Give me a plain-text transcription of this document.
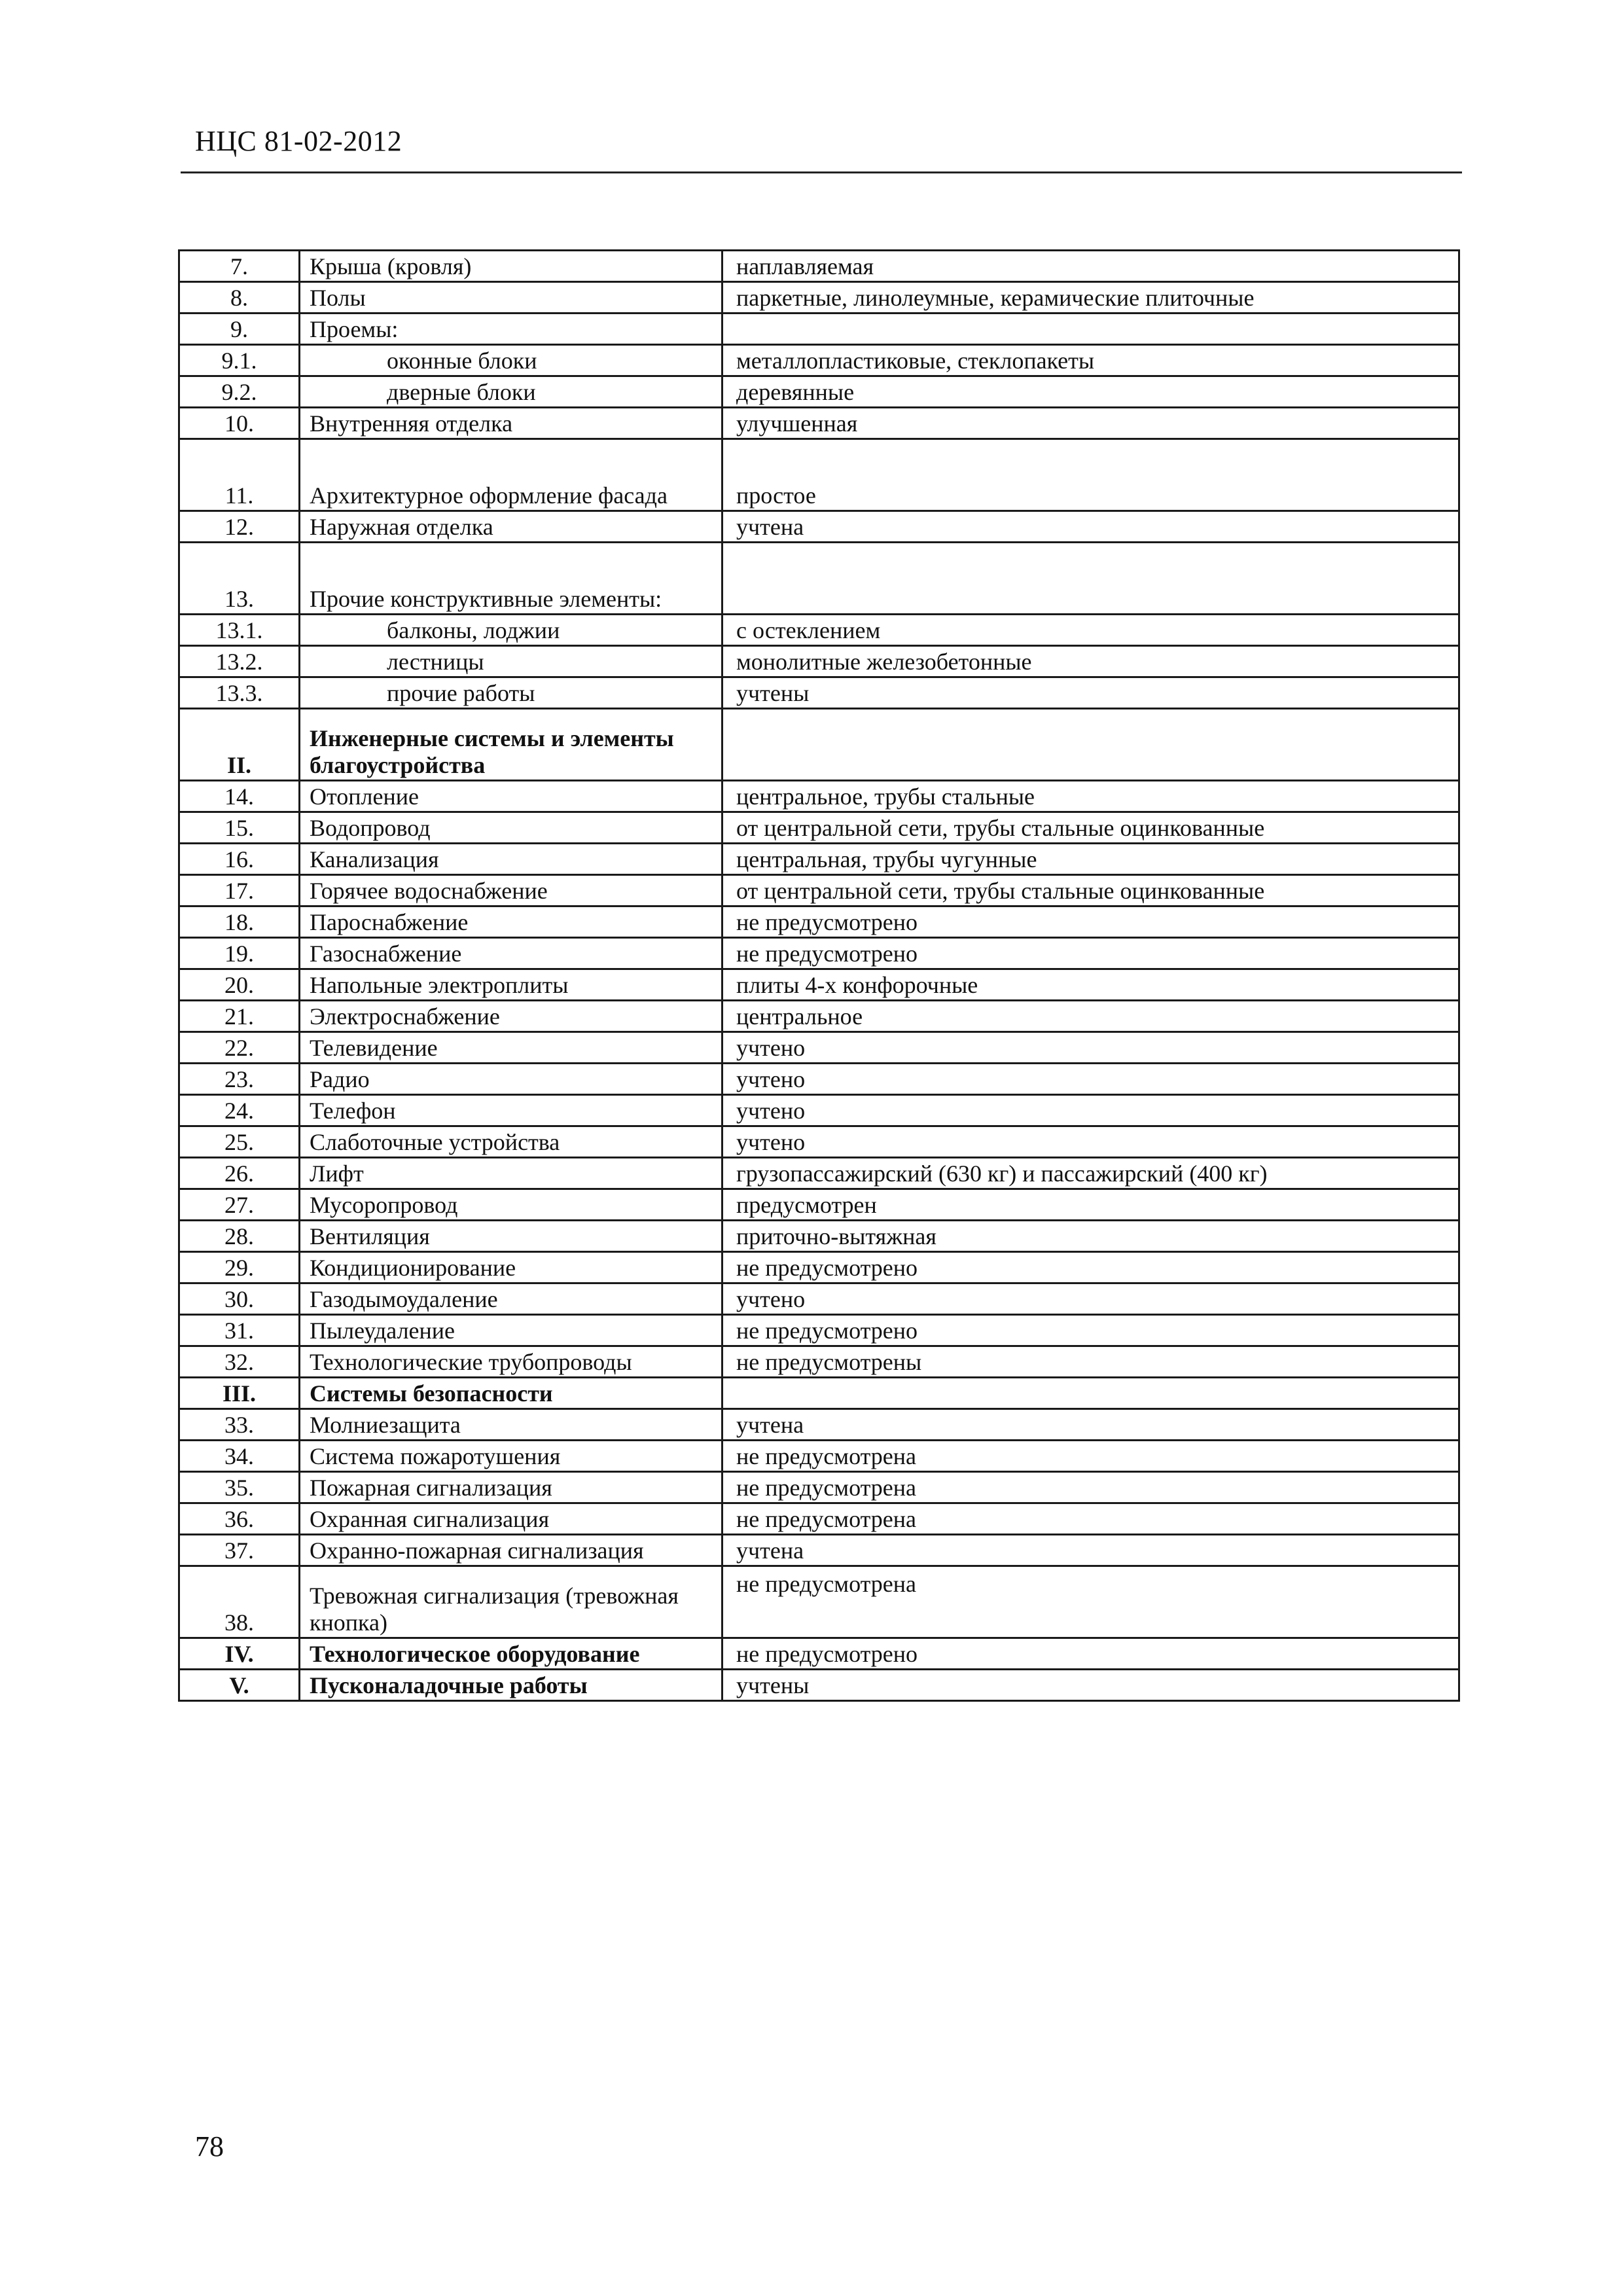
НЦС 81-02-2012
7.	Крыша (кровля)	наплавляемая
8.	Полы	паркетные, линолеумные, керамические плиточные
9.	Проемы:	
9.1.	оконные блоки	металлопластиковые, стеклопакеты
9.2.	дверные блоки	деревянные
10.	Внутренняя отделка	улучшенная
11.	Архитектурное оформление фасада	простое
12.	Наружная отделка	учтена
13.	Прочие конструктивные элементы:	
13.1.	балконы, лоджии	с остеклением
13.2.	лестницы	монолитные железобетонные
13.3.	прочие работы	учтены
II.	Инженерные системы и элементы благоустройства	
14.	Отопление	центральное, трубы стальные
15.	Водопровод	от центральной сети, трубы стальные оцинкованные
16.	Канализация	центральная, трубы чугунные
17.	Горячее водоснабжение	от центральной сети, трубы стальные оцинкованные
18.	Пароснабжение	не предусмотрено
19.	Газоснабжение	не предусмотрено
20.	Напольные электроплиты	плиты 4-х конфорочные
21.	Электроснабжение	центральное
22.	Телевидение	учтено
23.	Радио	учтено
24.	Телефон	учтено
25.	Слаботочные устройства	учтено
26.	Лифт	грузопассажирский (630 кг) и пассажирский (400 кг)
27.	Мусоропровод	предусмотрен
28.	Вентиляция	приточно-вытяжная
29.	Кондиционирование	не предусмотрено
30.	Газодымоудаление	учтено
31.	Пылеудаление	не предусмотрено
32.	Технологические трубопроводы	не предусмотрены
III.	Системы безопасности	
33.	Молниезащита	учтена
34.	Система пожаротушения	не предусмотрена
35.	Пожарная сигнализация	не предусмотрена
36.	Охранная сигнализация	не предусмотрена
37.	Охранно-пожарная сигнализация	учтена
38.	Тревожная сигнализация (тревожная кнопка)	не предусмотрена
IV.	Технологическое оборудование	не предусмотрено
V.	Пусконаладочные работы	учтены
78
